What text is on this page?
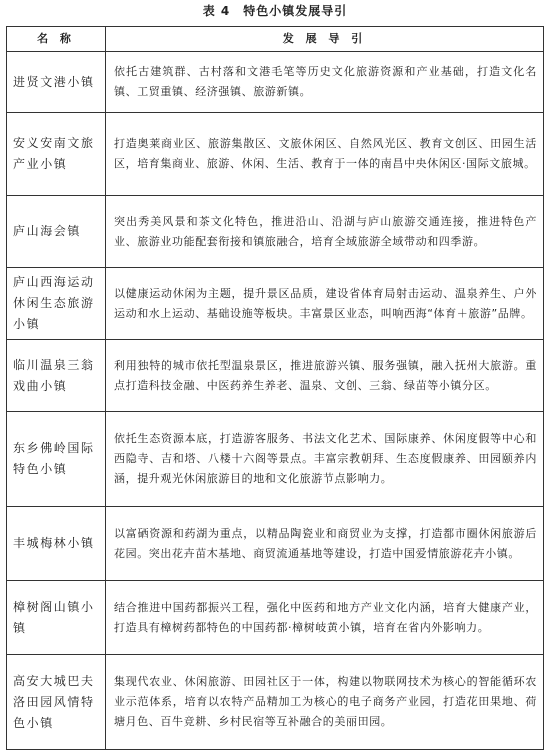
表 4　特色小镇发展导引
名 称	发 展 导 引
进贤文港小镇	依托古建筑群、古村落和文港毛笔等历史文化旅游资源和产业基础，打造文化名镇、工贸重镇、经济强镇、旅游新镇。
安义安南文旅产业小镇	打造奥莱商业区、旅游集散区、文旅休闲区、自然风光区、教育文创区、田园生活区，培育集商业、旅游、休闲、生活、教育于一体的南昌中央休闲区·国际文旅城。
庐山海会镇	突出秀美风景和茶文化特色，推进沿山、沿湖与庐山旅游交通连接，推进特色产业、旅游业功能配套衔接和镇旅融合，培育全域旅游全域带动和四季游。
庐山西海运动休闲生态旅游小镇	以健康运动休闲为主题，提升景区品质，建设省体育局射击运动、温泉养生、户外运动和水上运动、基础设施等板块。丰富景区业态，叫响西海“体育＋旅游”品牌。
临川温泉三翁戏曲小镇	利用独特的城市依托型温泉景区，推进旅游兴镇、服务强镇，融入抚州大旅游。重点打造科技金融、中医药养生养老、温泉、文创、三翁、绿苗等小镇分区。
东乡佛岭国际特色小镇	依托生态资源本底，打造游客服务、书法文化艺术、国际康养、休闲度假等中心和西隐寺、吉和塔、八楼十六阁等景点。丰富宗教朝拜、生态度假康养、田园颐养内涵，提升观光休闲旅游目的地和文化旅游节点影响力。
丰城梅林小镇	以富硒资源和药湖为重点，以精品陶瓷业和商贸业为支撑，打造都市圈休闲旅游后花园。突出花卉苗木基地、商贸流通基地等建设，打造中国爱情旅游花卉小镇。
樟树阁山镇小镇	结合推进中国药都振兴工程，强化中医药和地方产业文化内涵，培育大健康产业，打造具有樟树药都特色的中国药都·樟树岐黄小镇，培育在省内外影响力。
高安大城巴夫洛田园风情特色小镇	集现代农业、休闲旅游、田园社区于一体，构建以物联网技术为核心的智能循环农业示范体系，培育以农特产品精加工为核心的电子商务产业园，打造花田果地、荷塘月色、百牛竞耕、乡村民宿等互补融合的美丽田园。
